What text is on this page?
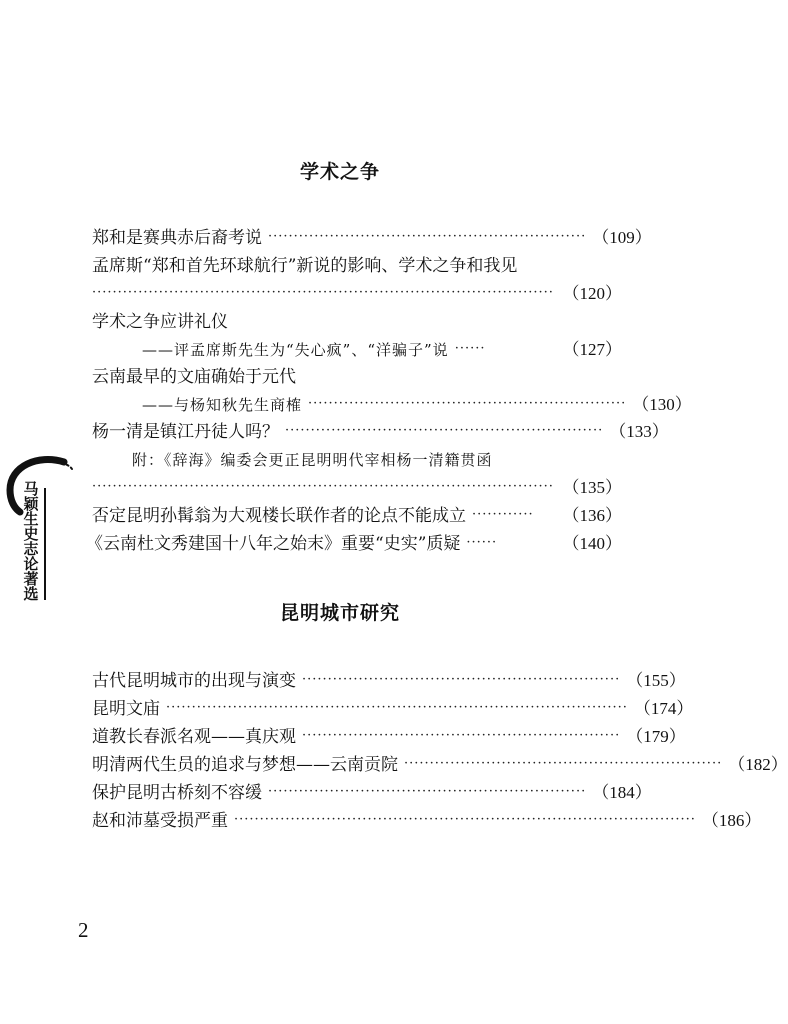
学术之争
郑和是赛典赤后裔考说 ······························································ （109）
孟席斯“郑和首先环球航行”新说的影响、学术之争和我见
·························································································· （120）
学术之争应讲礼仪
——评孟席斯先生为“失心疯”、“洋骗子”说 ······	（127）
云南最早的文庙确始于元代
——与杨知秋先生商榷 ······························································ （130）
杨一清是镇江丹徒人吗？ ······························································ （133）
附：《辞海》编委会更正昆明明代宰相杨一清籍贯函
·························································································· （135）
否定昆明孙髯翁为大观楼长联作者的论点不能成立 ············	（136）
《云南杜文秀建国十八年之始末》重要“史实”质疑 ······	（140）
马颖生史志论著选
昆明城市研究
古代昆明城市的出现与演变 ······························································ （155）
昆明文庙 ·························································································· （174）
道教长春派名观——真庆观 ······························································ （179）
明清两代生员的追求与梦想——云南贡院 ······························································ （182）
保护昆明古桥刻不容缓 ······························································ （184）
赵和沛墓受损严重 ·························································································· （186）
2
